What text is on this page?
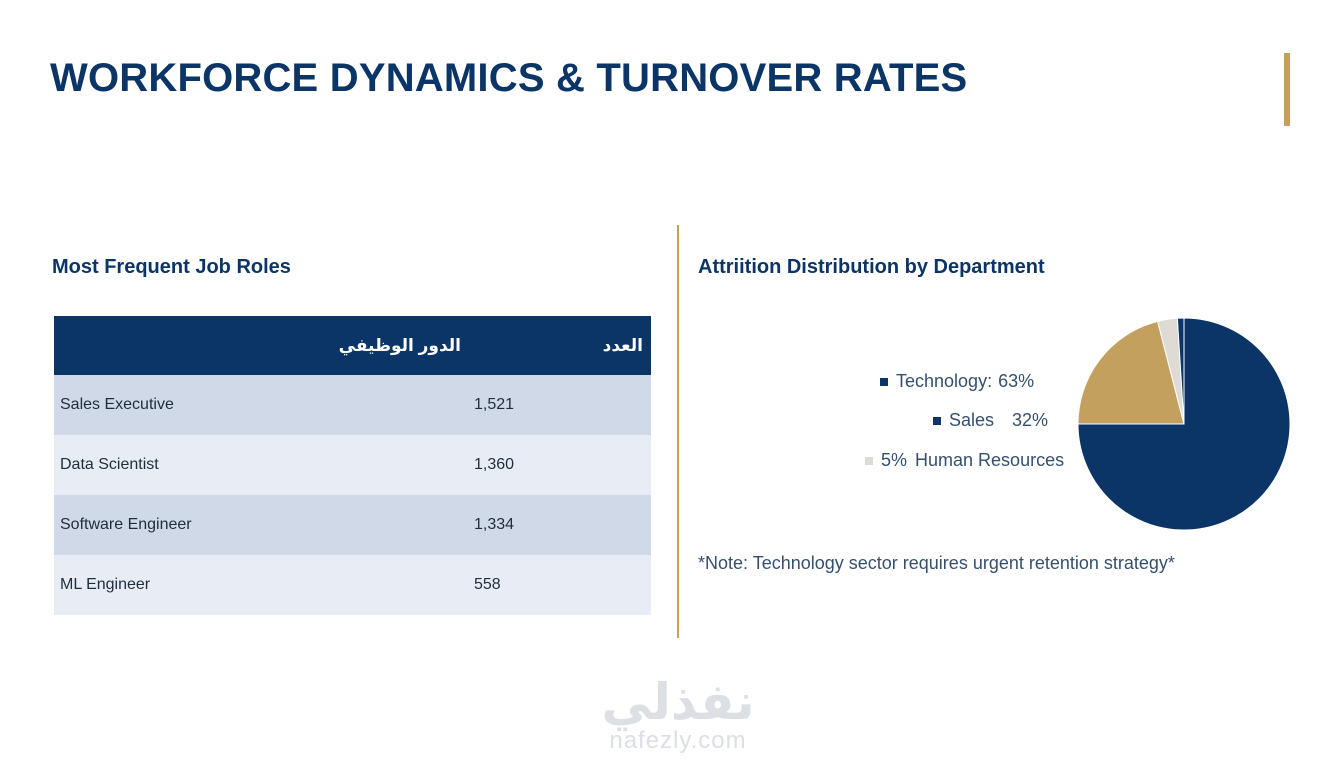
WORKFORCE DYNAMICS & TURNOVER RATES
Most Frequent Job Roles
الدور الوظيفي	العدد
Sales Executive	1,521
Data Scientist	1,360
Software Engineer	1,334
ML Engineer	558
Attriition Distribution by Department
Technology: 63%
Sales 32%
5% Human Resources
*Note: Technology sector requires urgent retention strategy*
نفذلي
nafezly.com
